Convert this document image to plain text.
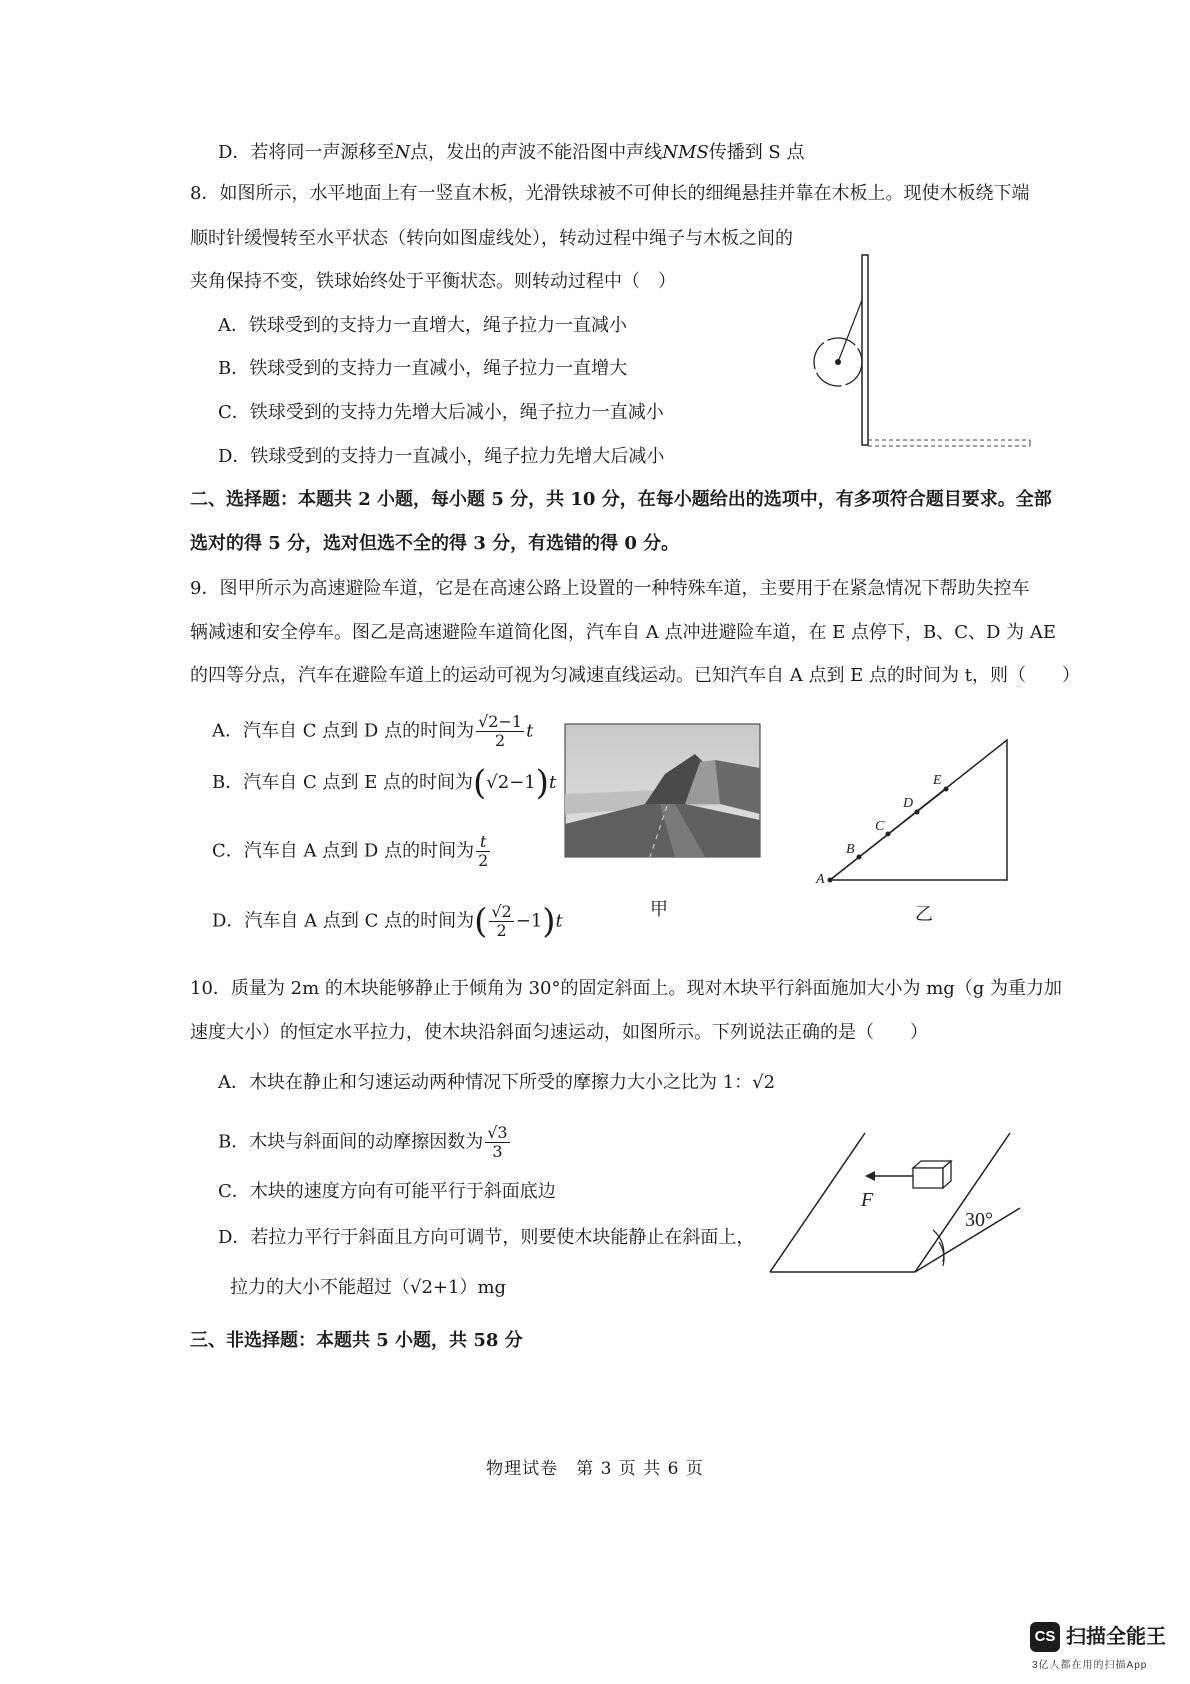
D．若将同一声源移至N点，发出的声波不能沿图中声线NMS传播到 S 点
8．如图所示，水平地面上有一竖直木板，光滑铁球被不可伸长的细绳悬挂并靠在木板上。现使木板绕下端
顺时针缓慢转至水平状态（转向如图虚线处），转动过程中绳子与木板之间的
夹角保持不变，铁球始终处于平衡状态。则转动过程中（　）
A．铁球受到的支持力一直增大，绳子拉力一直减小
B．铁球受到的支持力一直减小，绳子拉力一直增大
C．铁球受到的支持力先增大后减小，绳子拉力一直减小
D．铁球受到的支持力一直减小，绳子拉力先增大后减小
二、选择题：本题共 2 小题，每小题 5 分，共 10 分，在每小题给出的选项中，有多项符合题目要求。全部
选对的得 5 分，选对但选不全的得 3 分，有选错的得 0 分。
9．图甲所示为高速避险车道，它是在高速公路上设置的一种特殊车道，主要用于在紧急情况下帮助失控车
辆减速和安全停车。图乙是高速避险车道简化图，汽车自 A 点冲进避险车道，在 E 点停下，B、C、D 为 AE
的四等分点，汽车在避险车道上的运动可视为匀减速直线运动。已知汽车自 A 点到 E 点的时间为 t，则（　　）
A．汽车自 C 点到 D 点的时间为 $\frac{√2-1}{2}$ t
B．汽车自 C 点到 E 点的时间为(√2−1)t
C．汽车自 A 点到 D 点的时间为 $\frac{t}{2}$
D．汽车自 A 点到 C 点的时间为( $\frac{√2}{2} -1)t$
甲
A
B
C
D
E
乙
10．质量为 2m 的木块能够静止于倾角为 30°的固定斜面上。现对木块平行斜面施加大小为 mg（g 为重力加
速度大小）的恒定水平拉力，使木块沿斜面匀速运动，如图所示。下列说法正确的是（　　）
A．木块在静止和匀速运动两种情况下所受的摩擦力大小之比为 1：√2
B．木块与斜面间的动摩擦因数为 $\frac{√3}{3}$
C．木块的速度方向有可能平行于斜面底边
D．若拉力平行于斜面且方向可调节，则要使木块能静止在斜面上，
拉力的大小不能超过（√2+1）mg
F
30°
三、非选择题：本题共 5 小题，共 58 分
物理试卷　第 3 页 共 6 页
CS 扫描全能王
3亿人都在用的扫描App
